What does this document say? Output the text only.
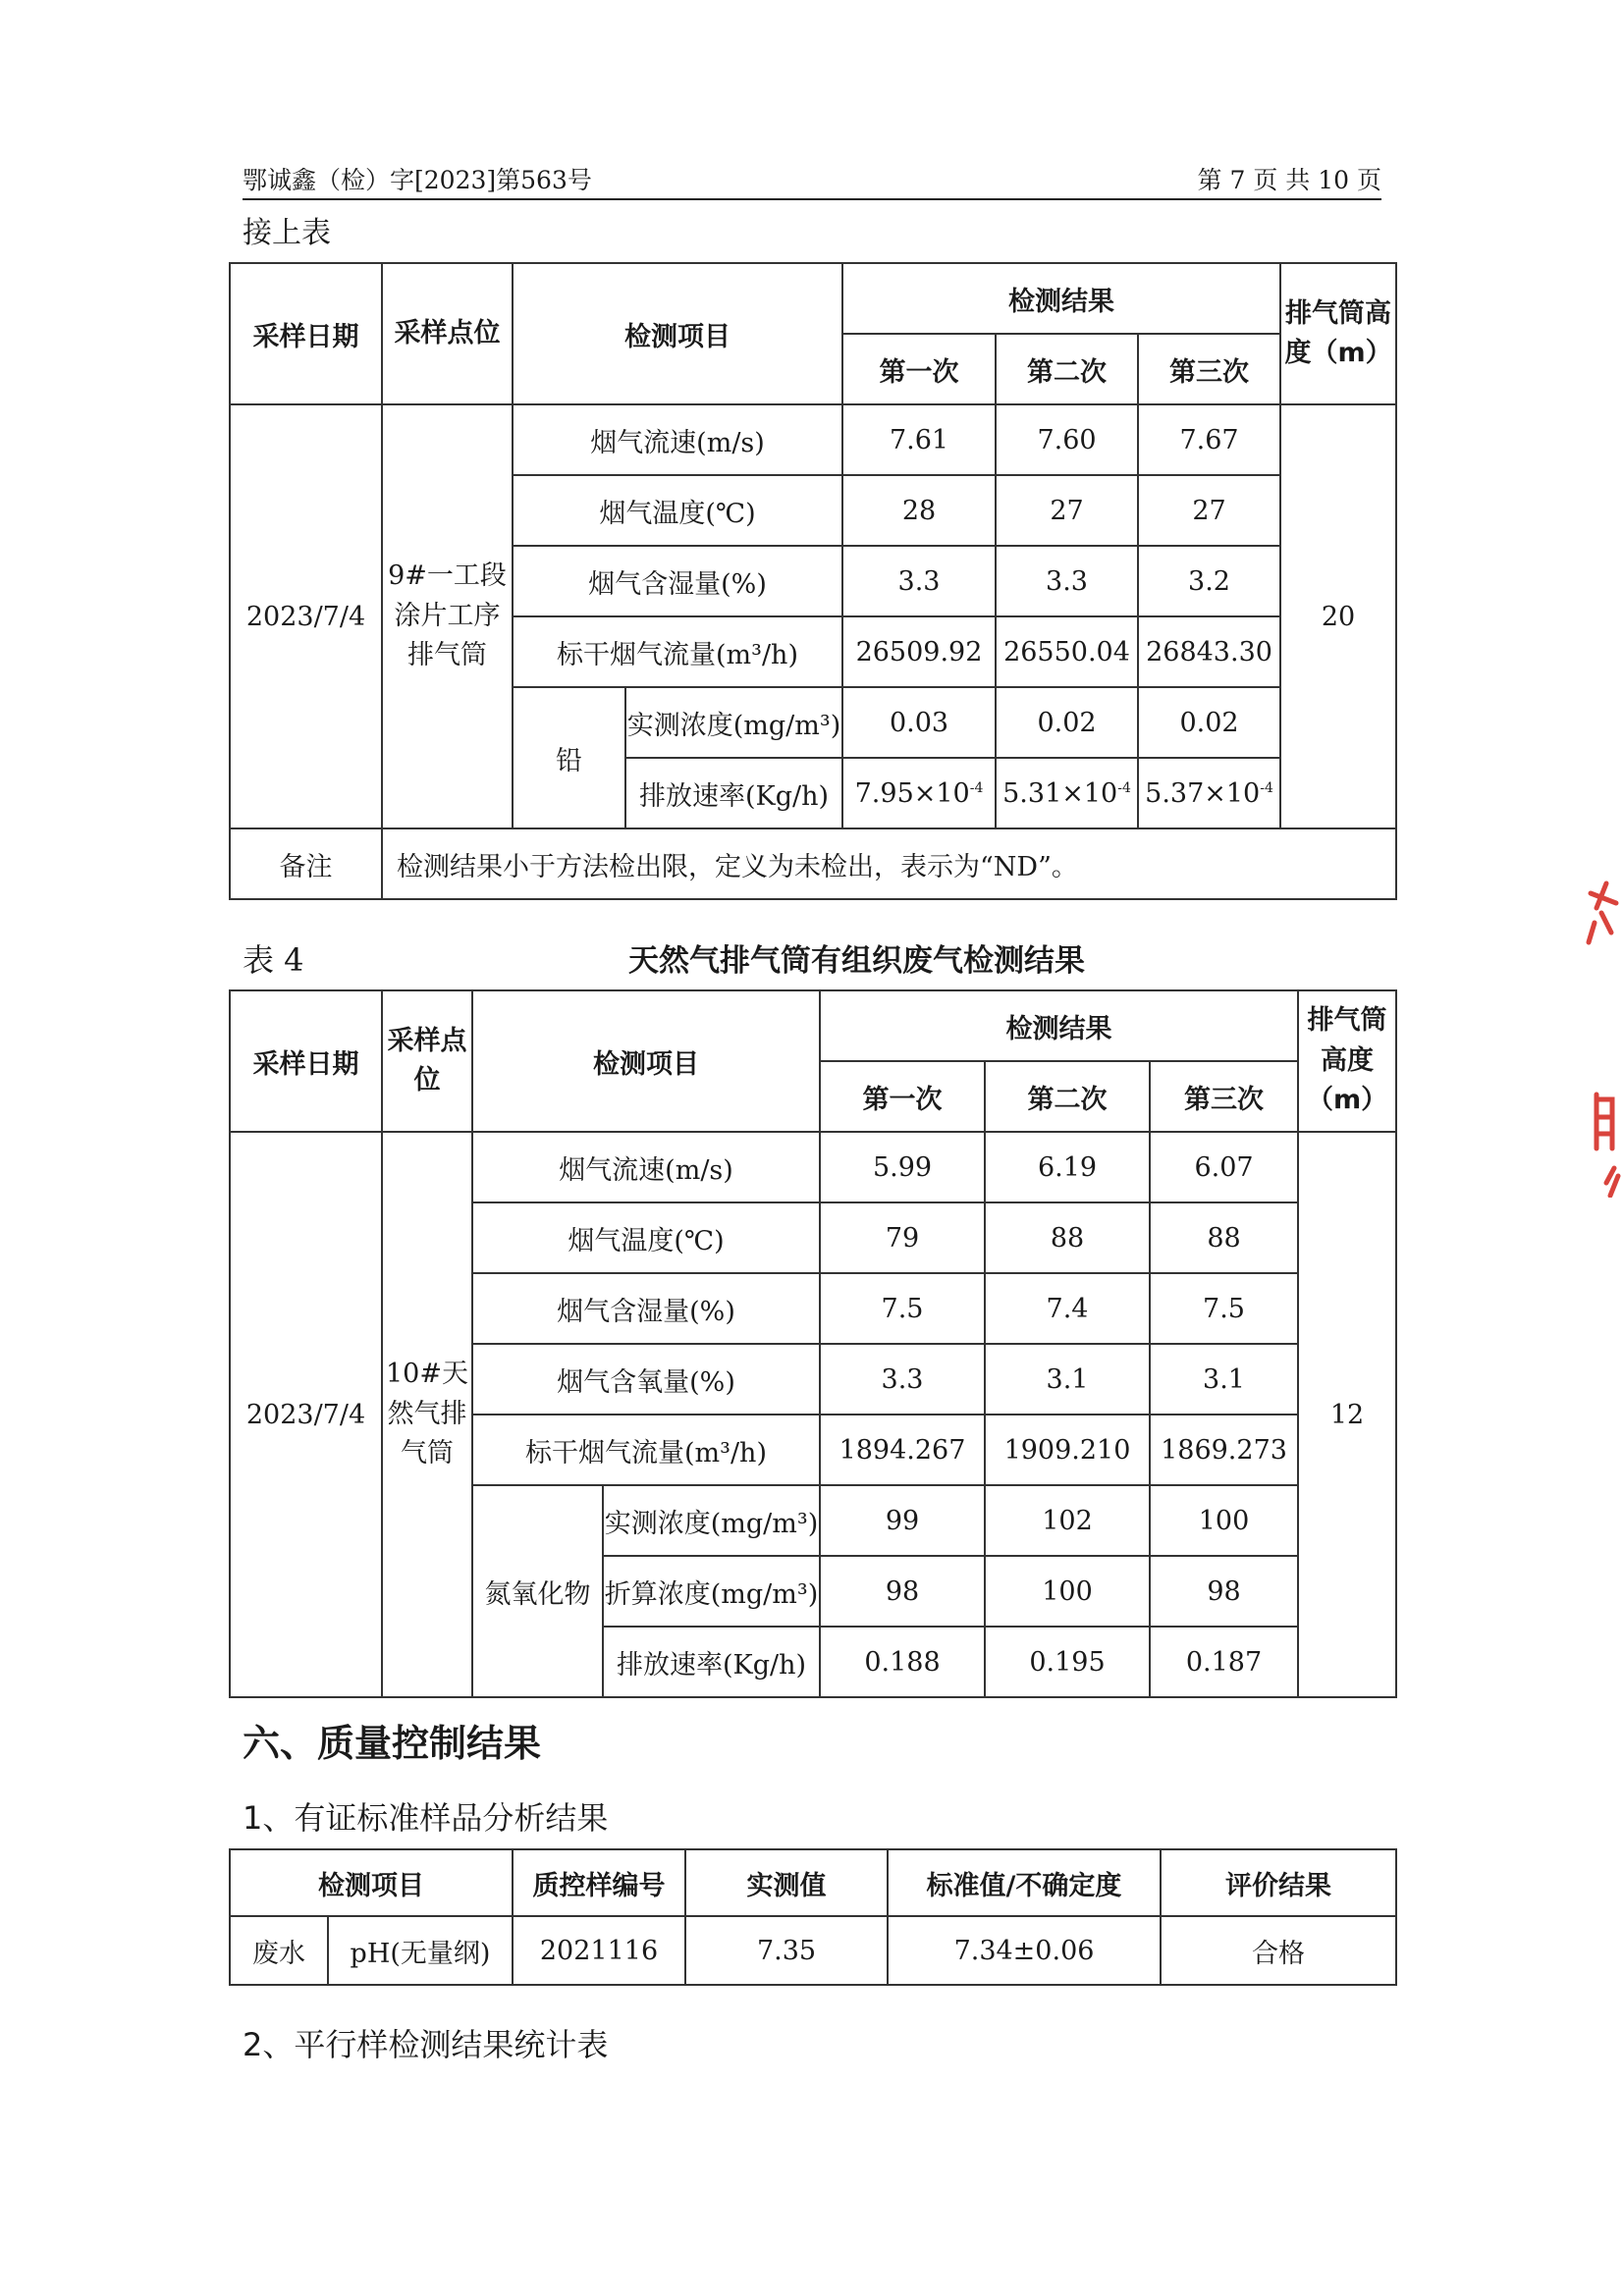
鄂诚鑫（检）字[2023]第563号	第 7 页 共 10 页
接上表
采样日期	采样点位	检测项目		检测结果			排气筒高度（m）
				第一次	第二次	第三次	
2023/7/4	9#一工段涂片工序排气筒	烟气流速(m/s)		7.61	7.60	7.67	20
		烟气温度(℃)		28	27	27	
		烟气含湿量(%)		3.3	3.3	3.2	
		标干烟气流量(m³/h)		26509.92	26550.04	26843.30	
		铅	实测浓度(mg/m³)	0.03	0.02	0.02	
			排放速率(Kg/h)	$7.95\times 10^{-4}$	$5.31\times 10^{-4}$	$5.37\times 10^{-4}$
备注	检测结果小于方法检出限，定义为未检出，表示为“ND”。						
表 4	天然气排气筒有组织废气检测结果
采样日期	采样点位	检测项目		检测结果			排气筒高度（m）
				第一次	第二次	第三次	
2023/7/4	10#天然气排气筒	烟气流速(m/s)		5.99	6.19	6.07	12
		烟气温度(℃)		79	88	88	
		烟气含湿量(%)		7.5	7.4	7.5	
		烟气含氧量(%)		3.3	3.1	3.1	
		标干烟气流量(m³/h)		1894.267	1909.210	1869.273	
		氮氧化物	实测浓度(mg/m³)	99	102	100	
			折算浓度(mg/m³)	98	100	98	
			排放速率(Kg/h)	0.188	0.195	0.187	
六、质量控制结果
1、有证标准样品分析结果
检测项目		质控样编号	实测值	标准值/不确定度	评价结果
废水	pH(无量纲)	2021116	7.35	7.34±0.06	合格
2、平行样检测结果统计表
